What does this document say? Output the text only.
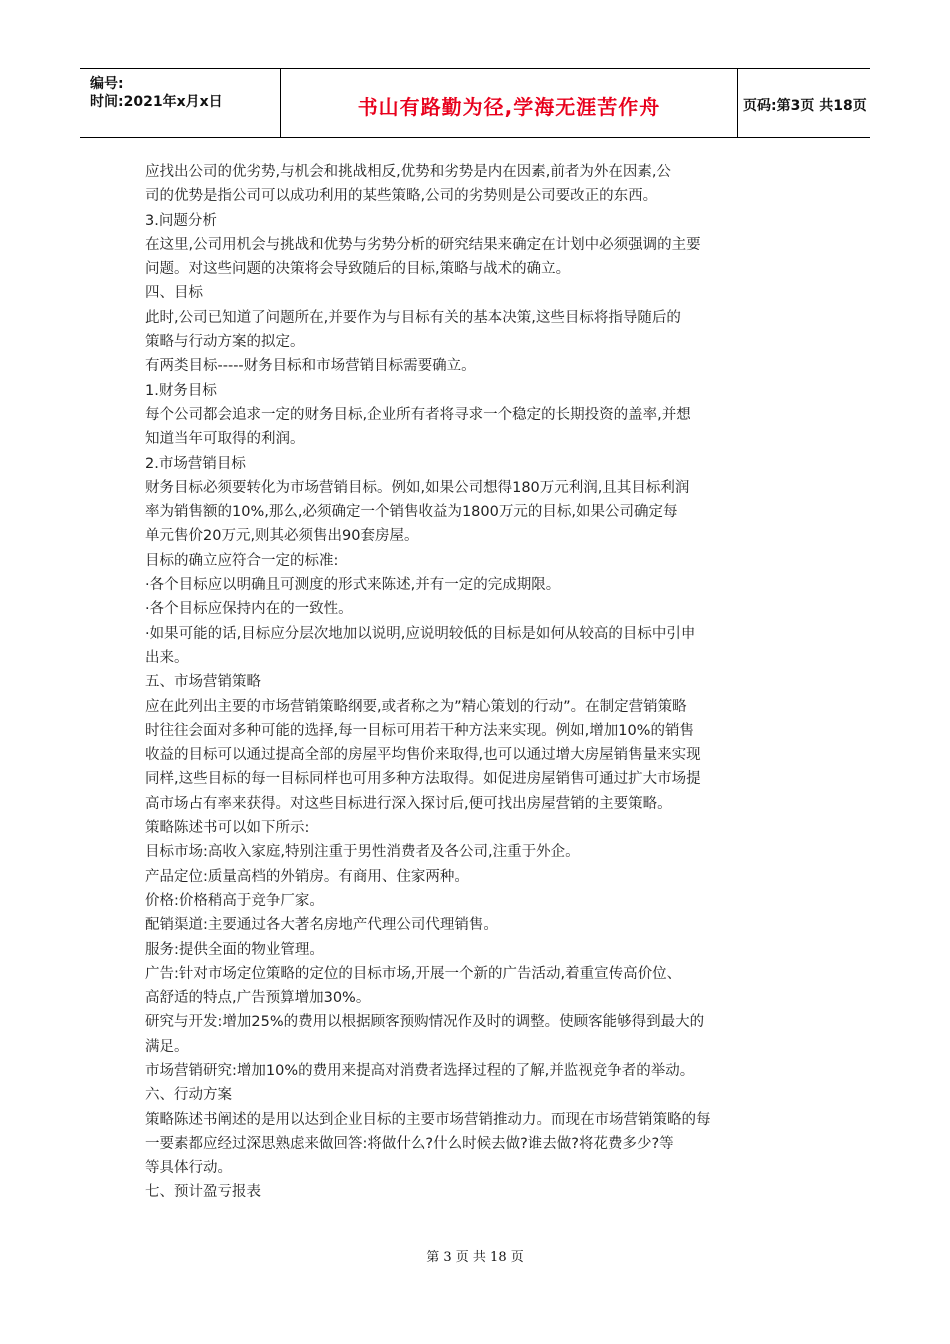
编号:
时间:2021年x月x日	书山有路勤为径,学海无涯苦作舟	页码:第3页 共18页
应找出公司的优劣势,与机会和挑战相反,优势和劣势是内在因素,前者为外在因素,公
司的优势是指公司可以成功利用的某些策略,公司的劣势则是公司要改正的东西。
3.问题分析
在这里,公司用机会与挑战和优势与劣势分析的研究结果来确定在计划中必须强调的主要
问题。对这些问题的决策将会导致随后的目标,策略与战术的确立。
四、目标
此时,公司已知道了问题所在,并要作为与目标有关的基本决策,这些目标将指导随后的
策略与行动方案的拟定。
有两类目标-----财务目标和市场营销目标需要确立。
1.财务目标
每个公司都会追求一定的财务目标,企业所有者将寻求一个稳定的长期投资的盖率,并想
知道当年可取得的利润。
2.市场营销目标
财务目标必须要转化为市场营销目标。例如,如果公司想得180万元利润,且其目标利润
率为销售额的10%,那么,必须确定一个销售收益为1800万元的目标,如果公司确定每
单元售价20万元,则其必须售出90套房屋。
目标的确立应符合一定的标准:
·各个目标应以明确且可测度的形式来陈述,并有一定的完成期限。
·各个目标应保持内在的一致性。
·如果可能的话,目标应分层次地加以说明,应说明较低的目标是如何从较高的目标中引申
出来。
五、市场营销策略
应在此列出主要的市场营销策略纲要,或者称之为”精心策划的行动”。在制定营销策略
时往往会面对多种可能的选择,每一目标可用若干种方法来实现。例如,增加10%的销售
收益的目标可以通过提高全部的房屋平均售价来取得,也可以通过增大房屋销售量来实现
同样,这些目标的每一目标同样也可用多种方法取得。如促进房屋销售可通过扩大市场提
高市场占有率来获得。对这些目标进行深入探讨后,便可找出房屋营销的主要策略。
策略陈述书可以如下所示:
目标市场:高收入家庭,特别注重于男性消费者及各公司,注重于外企。
产品定位:质量高档的外销房。有商用、住家两种。
价格:价格稍高于竞争厂家。
配销渠道:主要通过各大著名房地产代理公司代理销售。
服务:提供全面的物业管理。
广告:针对市场定位策略的定位的目标市场,开展一个新的广告活动,着重宣传高价位、
高舒适的特点,广告预算增加30%。
研究与开发:增加25%的费用以根据顾客预购情况作及时的调整。使顾客能够得到最大的
满足。
市场营销研究:增加10%的费用来提高对消费者选择过程的了解,并监视竞争者的举动。
六、行动方案
策略陈述书阐述的是用以达到企业目标的主要市场营销推动力。而现在市场营销策略的每
一要素都应经过深思熟虑来做回答:将做什么?什么时候去做?谁去做?将花费多少?等
等具体行动。
七、预计盈亏报表
第 3 页 共 18 页
